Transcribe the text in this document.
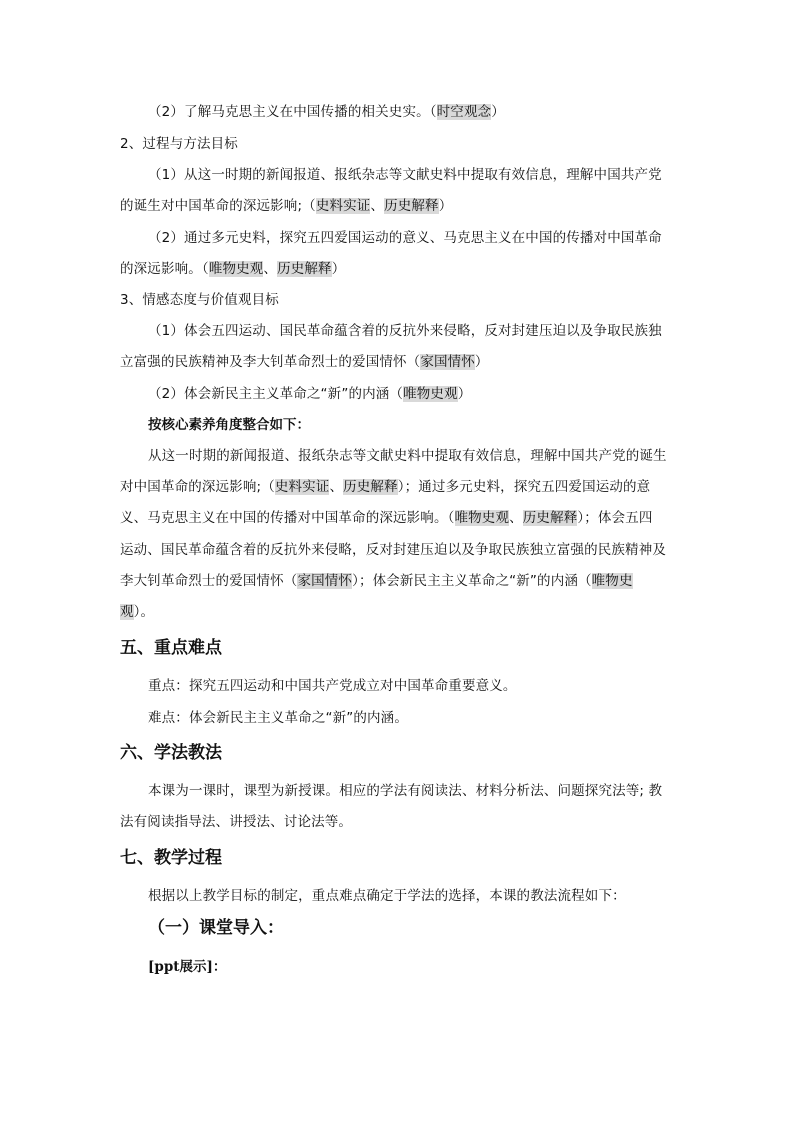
（2）了解马克思主义在中国传播的相关史实。（时空观念）
2、过程与方法目标
（1）从这一时期的新闻报道、报纸杂志等文献史料中提取有效信息，理解中国共产党
的诞生对中国革命的深远影响;（史料实证、历史解释）
（2）通过多元史料，探究五四爱国运动的意义、马克思主义在中国的传播对中国革命
的深远影响。（唯物史观、历史解释）
3、情感态度与价值观目标
（1）体会五四运动、国民革命蕴含着的反抗外来侵略，反对封建压迫以及争取民族独
立富强的民族精神及李大钊革命烈士的爱国情怀（家国情怀）
（2）体会新民主主义革命之“新”的内涵（唯物史观）
按核心素养角度整合如下：
从这一时期的新闻报道、报纸杂志等文献史料中提取有效信息，理解中国共产党的诞生
对中国革命的深远影响;（史料实证、历史解释）；通过多元史料，探究五四爱国运动的意
义、马克思主义在中国的传播对中国革命的深远影响。（唯物史观、历史解释）；体会五四
运动、国民革命蕴含着的反抗外来侵略，反对封建压迫以及争取民族独立富强的民族精神及
李大钊革命烈士的爱国情怀（家国情怀）；体会新民主主义革命之“新”的内涵（唯物史
观）。
五、重点难点
重点：探究五四运动和中国共产党成立对中国革命重要意义。
难点：体会新民主主义革命之“新”的内涵。
六、学法教法
本课为一课时，课型为新授课。相应的学法有阅读法、材料分析法、问题探究法等; 教
法有阅读指导法、讲授法、讨论法等。
七、教学过程
根据以上教学目标的制定，重点难点确定于学法的选择，本课的教法流程如下：
（一）课堂导入：
[ppt展示]：
